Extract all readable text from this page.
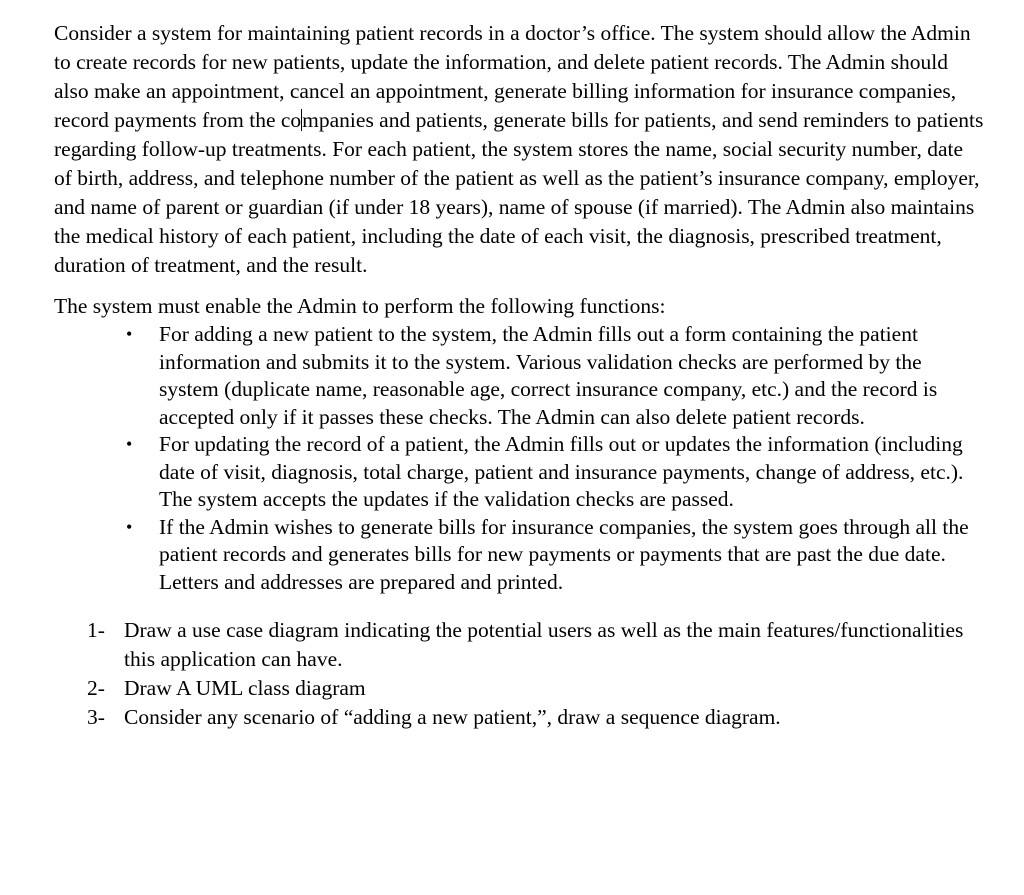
Consider a system for maintaining patient records in a doctor’s office. The system should allow the Admin to create records for new patients, update the information, and delete patient records. The Admin should also make an appointment, cancel an appointment, generate billing information for insurance companies, record payments from the companies and patients, generate bills for patients, and send reminders to patients regarding follow-up treatments. For each patient, the system stores the name, social security number, date of birth, address, and telephone number of the patient as well as the patient’s insurance company, employer, and name of parent or guardian (if under 18 years), name of spouse (if married). The Admin also maintains the medical history of each patient, including the date of each visit, the diagnosis, prescribed treatment, duration of treatment, and the result.

The system must enable the Admin to perform the following functions:

• For adding a new patient to the system, the Admin fills out a form containing the patient information and submits it to the system. Various validation checks are performed by the system (duplicate name, reasonable age, correct insurance company, etc.) and the record is accepted only if it passes these checks. The Admin can also delete patient records.
• For updating the record of a patient, the Admin fills out or updates the information (including date of visit, diagnosis, total charge, patient and insurance payments, change of address, etc.). The system accepts the updates if the validation checks are passed.
• If the Admin wishes to generate bills for insurance companies, the system goes through all the patient records and generates bills for new payments or payments that are past the due date. Letters and addresses are prepared and printed.
1- Draw a use case diagram indicating the potential users as well as the main features/functionalities this application can have.
2- Draw A UML class diagram
3- Consider any scenario of “adding a new patient,”, draw a sequence diagram.
